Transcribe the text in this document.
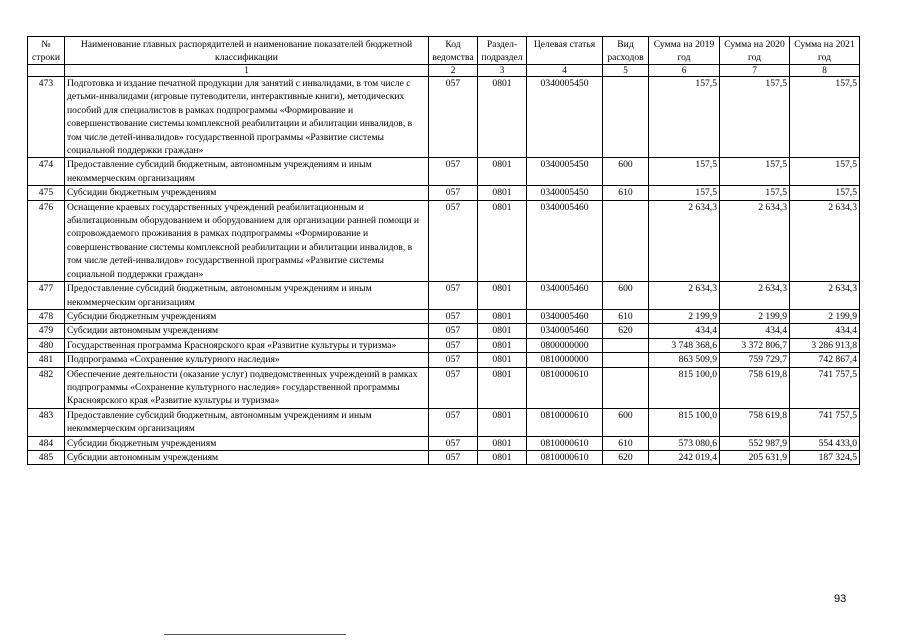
№ строки	Наименование главных распорядителей и наименование показателей бюджетной классификации	Код ведомства	Раздел- подраздел	Целевая статья	Вид расходов	Сумма на 2019 год	Сумма на 2020 год	Сумма на 2021 год
	1	2	3	4	5	6	7	8
473	Подготовка и издание печатной продукции для занятий с инвалидами, в том числе с детьми-инвалидами (игровые путеводители, интерактивные книги), методических пособий для специалистов в рамках подпрограммы «Формирование и совершенствование системы комплексной реабилитации и абилитации инвалидов, в том числе детей-инвалидов» государственной программы «Развитие системы социальной поддержки граждан»	057	0801	0340005450		157,5	157,5	157,5
474	Предоставление субсидий бюджетным, автономным учреждениям и иным некоммерческим организациям	057	0801	0340005450	600	157,5	157,5	157,5
475	Субсидии бюджетным учреждениям	057	0801	0340005450	610	157,5	157,5	157,5
476	Оснащение краевых государственных учреждений реабилитационным и абилитационным оборудованием и оборудованием для организации ранней помощи и сопровождаемого проживания в рамках подпрограммы «Формирование и совершенствование системы комплексной реабилитации и абилитации инвалидов, в том числе детей-инвалидов» государственной программы «Развитие системы социальной поддержки граждан»	057	0801	0340005460		2 634,3	2 634,3	2 634,3
477	Предоставление субсидий бюджетным, автономным учреждениям и иным некоммерческим организациям	057	0801	0340005460	600	2 634,3	2 634,3	2 634,3
478	Субсидии бюджетным учреждениям	057	0801	0340005460	610	2 199,9	2 199,9	2 199,9
479	Субсидии автономным учреждениям	057	0801	0340005460	620	434,4	434,4	434,4
480	Государственная программа Красноярского края «Развитие культуры и туризма»	057	0801	0800000000		3 748 368,6	3 372 806,7	3 286 913,8
481	Подпрограмма «Сохранение культурного наследия»	057	0801	0810000000		863 509,9	759 729,7	742 867,4
482	Обеспечение деятельности (оказание услуг) подведомственных учреждений в рамках подпрограммы «Сохранение культурного наследия» государственной программы Красноярского края «Развитие культуры и туризма»	057	0801	0810000610		815 100,0	758 619,8	741 757,5
483	Предоставление субсидий бюджетным, автономным учреждениям и иным некоммерческим организациям	057	0801	0810000610	600	815 100,0	758 619,8	741 757,5
484	Субсидии бюджетным учреждениям	057	0801	0810000610	610	573 080,6	552 987,9	554 433,0
485	Субсидии автономным учреждениям	057	0801	0810000610	620	242 019,4	205 631,9	187 324,5
93
